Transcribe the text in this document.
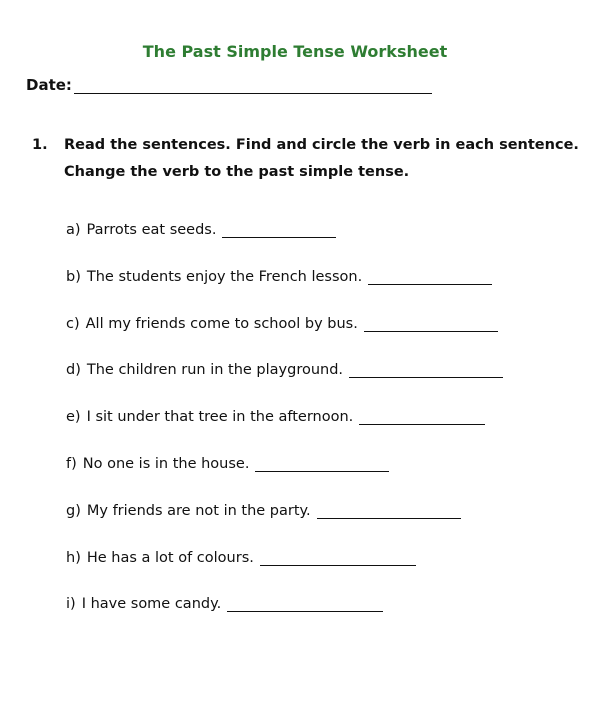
The Past Simple Tense Worksheet
Date:
1. Read the sentences. Find and circle the verb in each sentence. Change the verb to the past simple tense.
a) Parrots eat seeds.
b) The students enjoy the French lesson.
c) All my friends come to school by bus.
d) The children run in the playground.
e) I sit under that tree in the afternoon.
f) No one is in the house.
g) My friends are not in the party.
h) He has a lot of colours.
i) I have some candy.
